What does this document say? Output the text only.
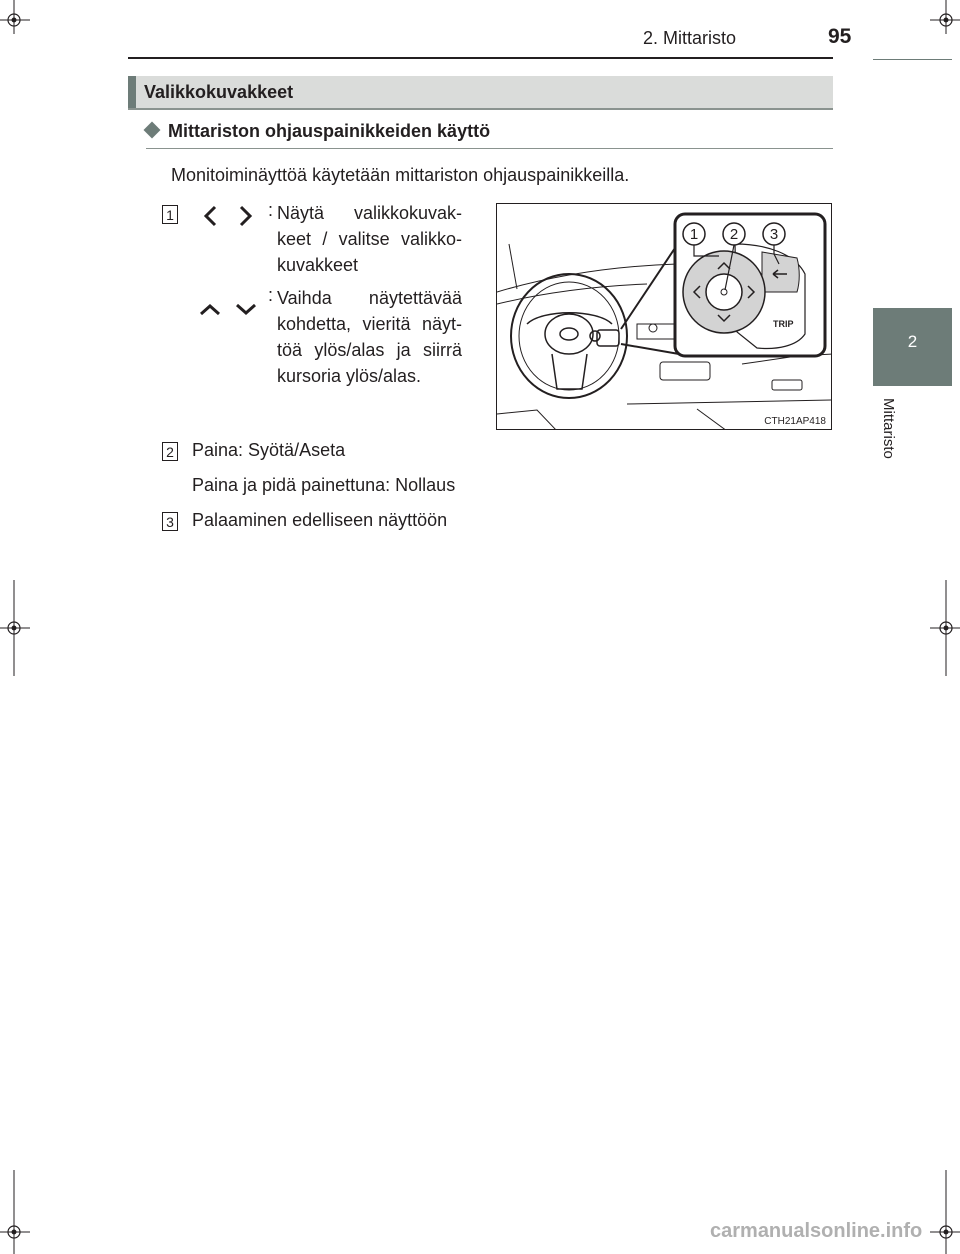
2. Mittaristo	95
2
Mittaristo
Valikkokuvakkeet
Mittariston ohjauspainikkeiden käyttö
Monitoiminäyttöä käytetään mittariston ohjauspainikkeilla.
1	: Näytä valikkokuvak-keet / valitse valikko-kuvakkeet
: Vaihda näytettävää kohdetta, vieritä näyt-töä ylös/alas ja siirrä kursoria ylös/alas.
2 Paina: Syötä/Aseta
Paina ja pidä painettuna: Nollaus
3 Palaaminen edelliseen näyttöön
TRIP
1 2 3
CTH21AP418
carmanualsonline.info
